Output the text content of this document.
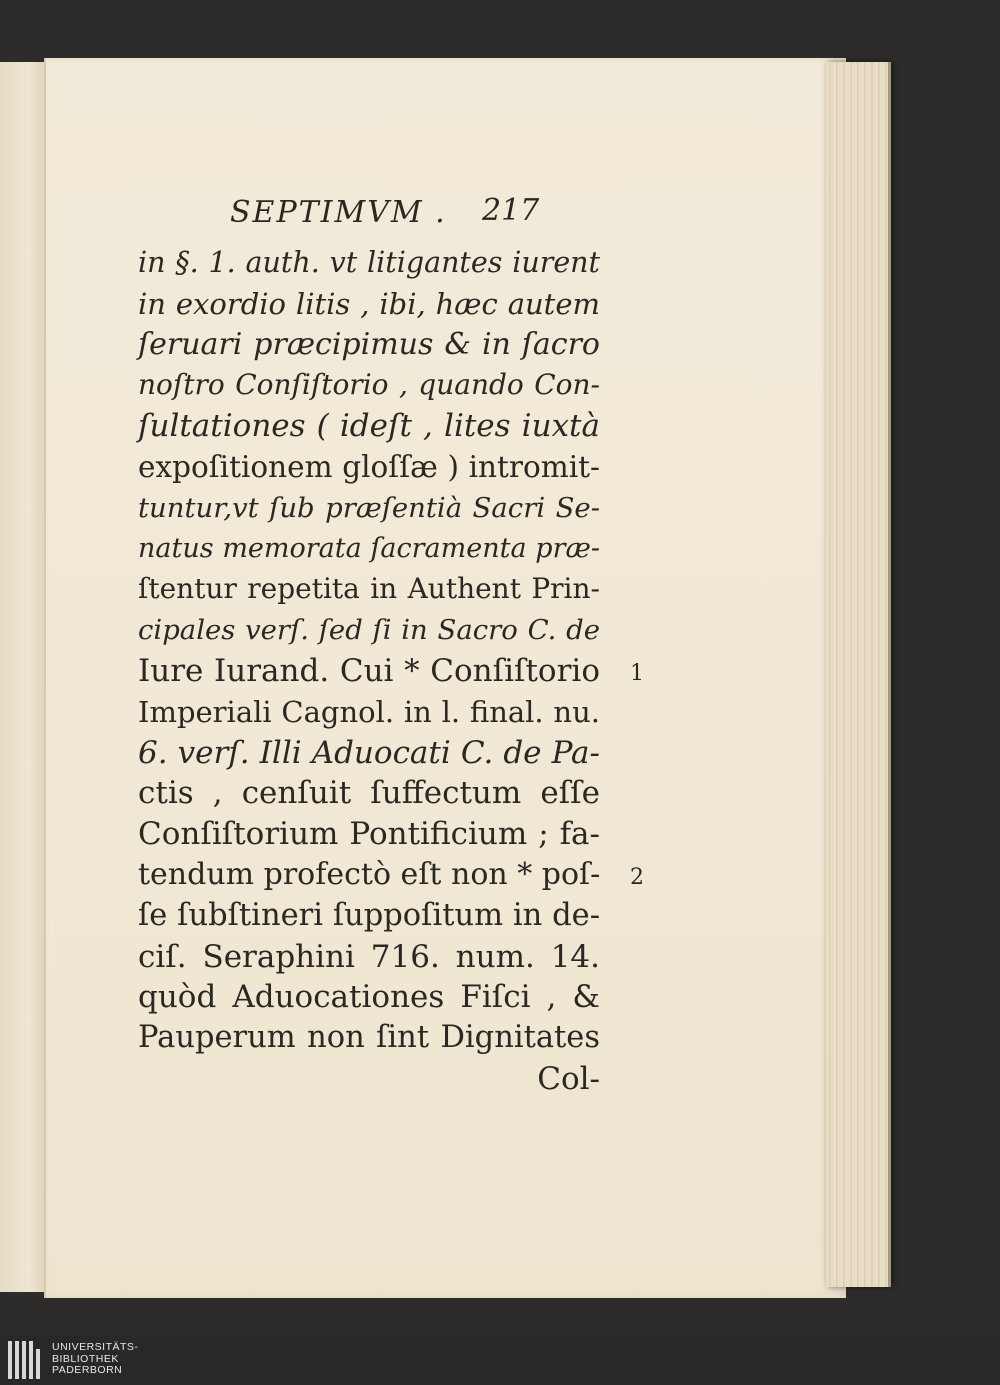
SEPTIMVM . 217
in §. 1. auth. vt litigantes iurent
in exordio litis , ibi, hæc autem
ſeruari præcipimus & in ſacro
noſtro Conſiſtorio , quando Con-
ſultationes ( ideſt , lites iuxtà
expoſitionem gloſſæ ) intromit-
tuntur,vt ſub præſentià Sacri Se-
natus memorata ſacramenta præ-
ſtentur repetita in Authent Prin-
cipales verſ. ſed ſi in Sacro C. de
Iure Iurand. Cui * Conſiſtorio
Imperiali Cagnol. in l. final. nu.
6. verſ. Illi Aduocati C. de Pa-
ctis , cenſuit ſuffectum eſſe
Conſiſtorium Pontificium ; fa-
tendum profectò eſt non * poſ-
ſe ſubſtineri ſuppoſitum in de-
ciſ. Seraphini 716. num. 14.
quòd Aduocationes Fiſci , &
Pauperum non ſint Dignitates
Col-
1
2
UNIVERSITÄTS-
BIBLIOTHEK
PADERBORN
